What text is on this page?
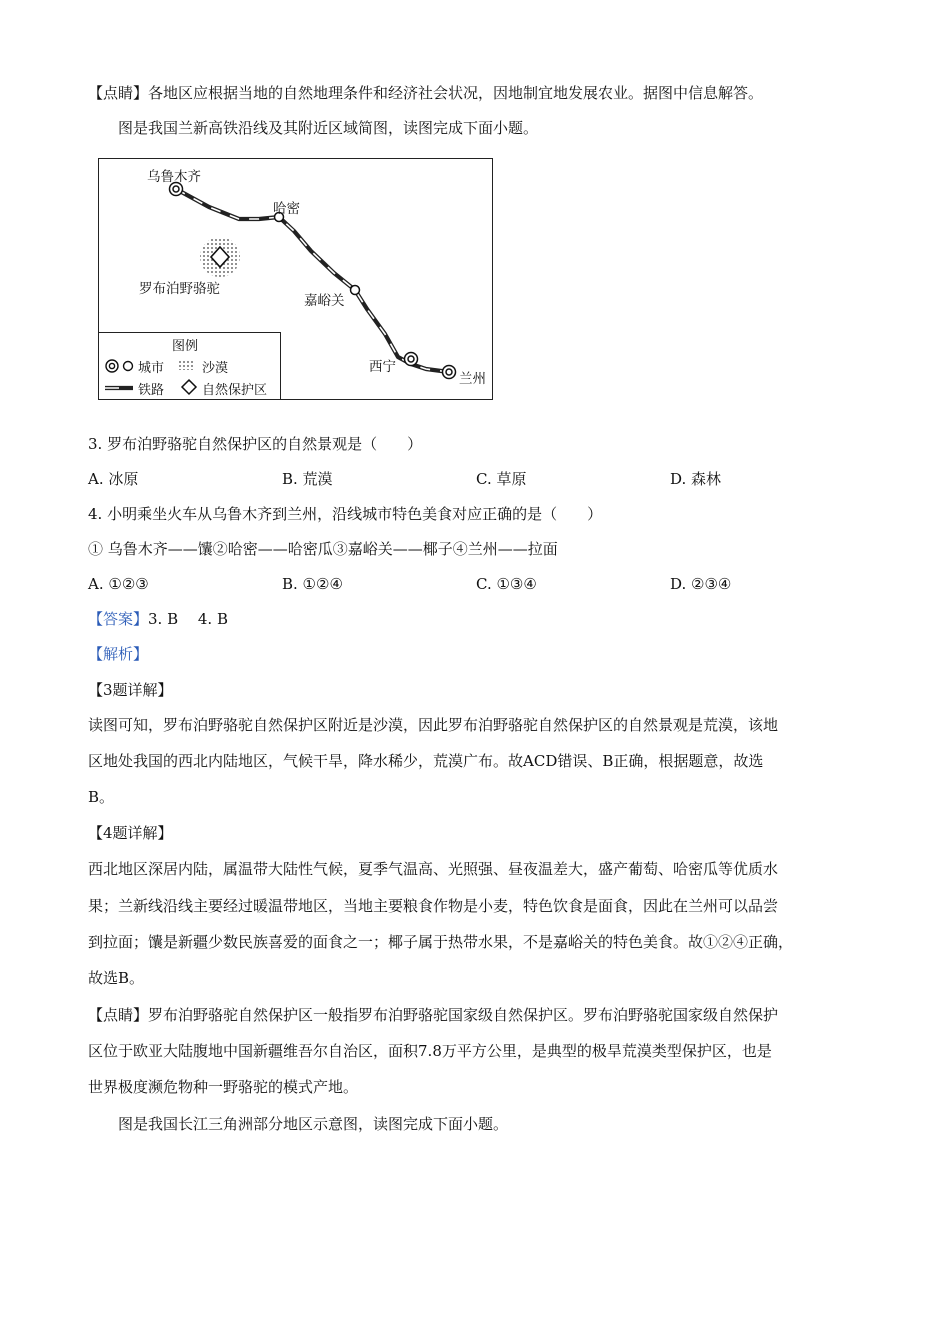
【点睛】各地区应根据当地的自然地理条件和经济社会状况，因地制宜地发展农业。据图中信息解答。
图是我国兰新高铁沿线及其附近区域简图，读图完成下面小题。
乌鲁木齐
哈密
罗布泊野骆驼
嘉峪关
西宁
兰州
图例
城市	沙漠
铁路	自然保护区
3. 罗布泊野骆驼自然保护区的自然景观是（　　）
A. 冰原	B. 荒漠	C. 草原	D. 森林
4. 小明乘坐火车从乌鲁木齐到兰州，沿线城市特色美食对应正确的是（　　）
① 乌鲁木齐——馕②哈密——哈密瓜③嘉峪关——椰子④兰州——拉面
A. ①②③	B. ①②④	C. ①③④	D. ②③④
【答案】3. B　 4. B
【解析】
【3题详解】
读图可知，罗布泊野骆驼自然保护区附近是沙漠，因此罗布泊野骆驼自然保护区的自然景观是荒漠，该地
区地处我国的西北内陆地区，气候干旱，降水稀少，荒漠广布。故ACD错误、B正确，根据题意，故选
B。
【4题详解】
西北地区深居内陆，属温带大陆性气候，夏季气温高、光照强、昼夜温差大，盛产葡萄、哈密瓜等优质水
果；兰新线沿线主要经过暖温带地区，当地主要粮食作物是小麦，特色饮食是面食，因此在兰州可以品尝
到拉面；馕是新疆少数民族喜爱的面食之一；椰子属于热带水果，不是嘉峪关的特色美食。故①②④正确，
故选B。
【点睛】罗布泊野骆驼自然保护区一般指罗布泊野骆驼国家级自然保护区。罗布泊野骆驼国家级自然保护
区位于欧亚大陆腹地中国新疆维吾尔自治区，面积7.8万平方公里，是典型的极旱荒漠类型保护区，也是
世界极度濒危物种一野骆驼的模式产地。
图是我国长江三角洲部分地区示意图，读图完成下面小题。
